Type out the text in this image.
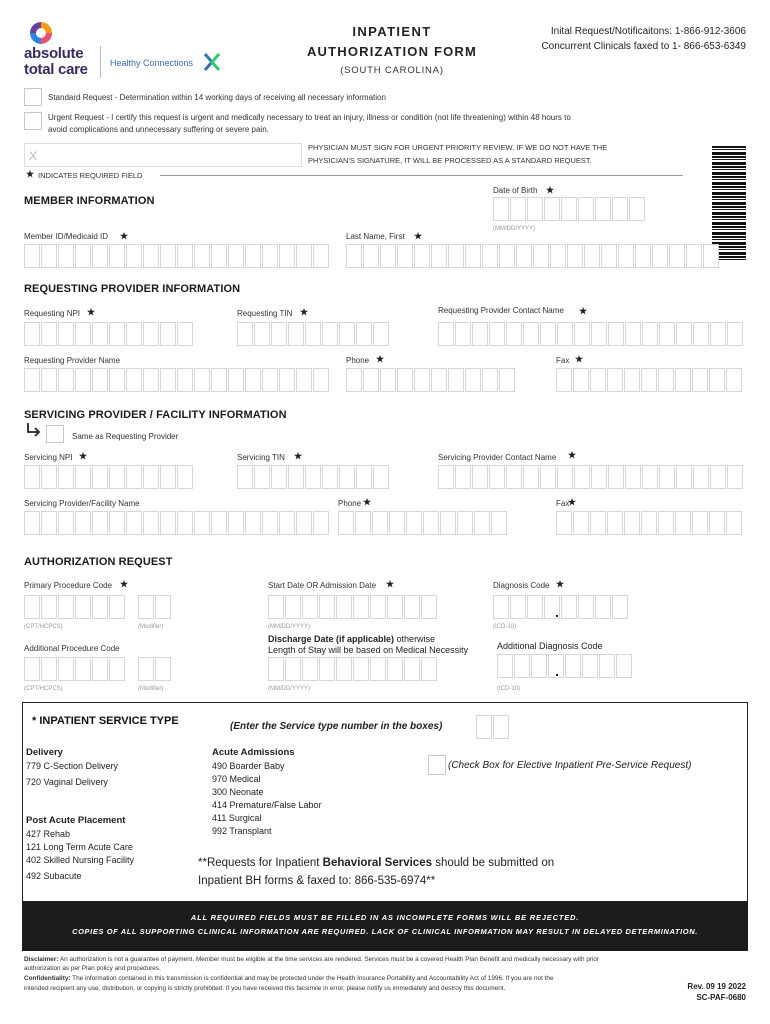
absolute
total care Healthy Connections
INPATIENT
AUTHORIZATION FORM
(SOUTH CAROLINA)
Inital Request/Notificaitons: 1-866-912-3606
Concurrent Clinicals faxed to 1- 866-653-6349
Standard Request - Determination within 14 working days of receiving all necessary information
Urgent Request - I certify this request is urgent and medically necessary to treat an injury, illness or condition (not life threatening) within 48 hours to
avoid complications and unnecessary suffering or severe pain.
X
PHYSICIAN MUST SIGN FOR URGENT PRIORITY REVIEW. IF WE DO NOT HAVE THE
PHYSICIAN'S SIGNATURE, IT WILL BE PROCESSED AS A STANDARD REQUEST.
★ INDICATES REQUIRED FIELD
MEMBER INFORMATION
Date of Birth ★
(MM/DD/YYYY)
Member ID/Medicaid ID ★	Last Name, First ★
REQUESTING PROVIDER INFORMATION
Requesting NPI ★	Requesting TIN ★	Requesting Provider Contact Name ★
Requesting Provider Name	Phone ★	Fax ★
SERVICING PROVIDER / FACILITY INFORMATION
Same as Requesting Provider
Servicing NPI ★	Servicing TIN ★	Servicing Provider Contact Name ★
Servicing Provider/Facility Name	Phone ★	Fax
★
AUTHORIZATION REQUEST
Primary Procedure Code ★
(CPT/HCPCS)	(Modifier)
Start Date OR Admission Date ★
(MM/DD/YYYY)
Diagnosis Code ★
(ICD-10)
Additional Procedure Code
(CPT/HCPCS)	(Modifier)
Discharge Date (if applicable) otherwise
Length of Stay will be based on Medical Necessity
(MM/DD/YYYY)
Additional Diagnosis Code
(ICD-10)
* INPATIENT SERVICE TYPE	(Enter the Service type number in the boxes)
Delivery
779 C-Section Delivery
720 Vaginal Delivery
Post Acute Placement
427 Rehab
121 Long Term Acute Care
402 Skilled Nursing Facility
492 Subacute
Acute Admissions
490 Boarder Baby
970 Medical
300 Neonate
414 Premature/False Labor
411 Surgical
992 Transplant
(Check Box for Elective Inpatient Pre-Service Request)
**Requests for Inpatient Behavioral Services should be submitted on
Inpatient BH forms & faxed to: 866-535-6974**
ALL REQUIRED FIELDS MUST BE FILLED IN AS INCOMPLETE FORMS WILL BE REJECTED.
COPIES OF ALL SUPPORTING CLINICAL INFORMATION ARE REQUIRED. LACK OF CLINICAL INFORMATION MAY RESULT IN DELAYED DETERMINATION.
Disclaimer: An authorization is not a guarantee of payment. Member must be eligible at the time services are rendered. Services must be a covered Health Plan Benefit and medically necessary with prior
authorization as per Plan policy and procedures.
Confidentiality: The information contained in this transmission is confidential and may be protected under the Health Insurance Portability and Accountability Act of 1996. If you are not the
intended recipient any use, distribution, or copying is strictly prohibited. If you have received this facsimile in error, please notify us immediately and destroy this document.	Rev. 09 19 2022
SC-PAF-0680
